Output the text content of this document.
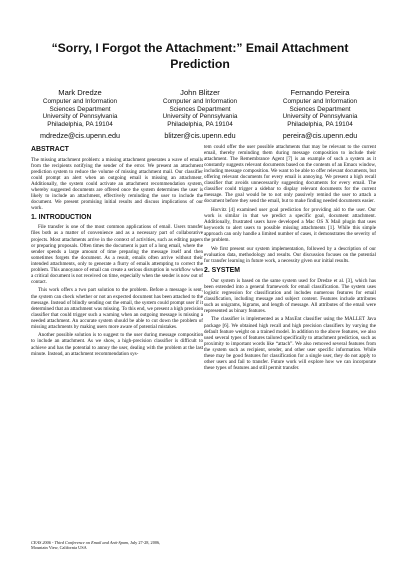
“Sorry, I Forgot the Attachment:” Email Attachment
Prediction
Mark Dredze
Computer and Information
Sciences Department
University of Pennsylvania
Philadelphia, PA 19104
mdredze@cis.upenn.edu
John Blitzer
Computer and Information
Sciences Department
University of Pennsylvania
Philadelphia, PA 19104
blitzer@cis.upenn.edu
Fernando Pereira
Computer and Information
Sciences Department
University of Pennsylvania
Philadelphia, PA 19104
pereira@cis.upenn.edu
ABSTRACT

The missing attachment problem: a missing attachment generates a wave of emails from the recipients notifying the sender of the error. We present an attachment prediction system to reduce the volume of missing attachment mail. Our classifier could prompt an alert when an outgoing email is missing an attachment. Additionally, the system could activate an attachment recommendation system, whereby suggested documents are offered once the system determines the user is likely to include an attachment, effectively reminding the user to include the document. We present promising initial results and discuss implications of our work.

1. INTRODUCTION

File transfer is one of the most common applications of email. Users transfer files both as a matter of convenience and as a necessary part of collaborative projects. Most attachments arrive in the context of activities, such as editing papers or preparing proposals. Often times the document is part of a long email, where the sender spends a large amount of time preparing the message itself and then sometimes forgets the document. As a result, emails often arrive without their intended attachments, only to generate a flurry of emails attempting to correct the problem. This annoyance of email can create a serious disruption in workflow when a critical document is not received on time, especially when the sender is now out of contact.

This work offers a two part solution to the problem. Before a message is sent, the system can check whether or not an expected document has been attached to the message. Instead of blindly sending out the email, the system could prompt user if it determined that an attachment was missing. To this end, we present a high precision classifier that could trigger such a warning when an outgoing message is missing a needed attachment. An accurate system should be able to cut down the problem of missing attachments by making users more aware of potential mistakes.

Another possible solution is to suggest to the user during message composition to include an attachment. As we show, a high-precision classifier is difficult to achieve and has the potential to annoy the user, dealing with the problem at the last minute. Instead, an attachment recommendation sys-

tem could offer the user possible attachments that may be relevant to the current email, thereby reminding them during message composition to include their attachment. The Remembrance Agent [7] is an example of such a system as it constantly suggests relevant documents based on the contents of an Emacs window, including message composition. We want to be able to offer relevant documents, but offering relevant documents for every email is annoying. We present a high recall classifier that avoids unnecessarily suggesting documents for every email. The classifier could trigger a sidebar to display relevant documents for the current message. The goal would be to not only passively remind the user to attach a document before they send the email, but to make finding needed documents easier.

Horvitz [4] examined user goal prediction for providing aid to the user. Our work is similar in that we predict a specific goal, document attachment. Additionally, frustrated users have developed a Mac OS X Mail plugin that uses keywords to alert users to possible missing attachments [1]. While this simple approach can only handle a limited number of cases, it demonstrates the severity of the problem.

We first present our system implementation, followed by a description of our evaluation data, methodology and results. Our discussion focuses on the potential for transfer learning in future work, a necessity given our initial results.

2. SYSTEM

Our system is based on the same system used for Dredze et al. [3], which has been extended into a general framework for email classification. The system uses logistic regression for classification and includes numerous features for email classification, including message and subject content. Features include attributes such as unigrams, bigrams, and length of message. All attributes of the email were represented as binary features.

The classifier is implemented as a MaxEnt classifier using the MALLET Java package [6]. We obtained high recall and high precision classifiers by varying the default feature weight on a trained model. In addition to the above features, we also used several types of features tailored specifically to attachment prediction, such as proximity to important words like “attach”. We also removed several features from the system such as recipient, sender, and other user specific information. While these may be good features for classification for a single user, they do not apply to other users and fail to transfer. Future work will explore how we can incorporate these types of features and still permit transfer.

CEAS 2006 - Third Conference on Email and Anti-Spam, July 27-28, 2006,
Mountain View, California USA
